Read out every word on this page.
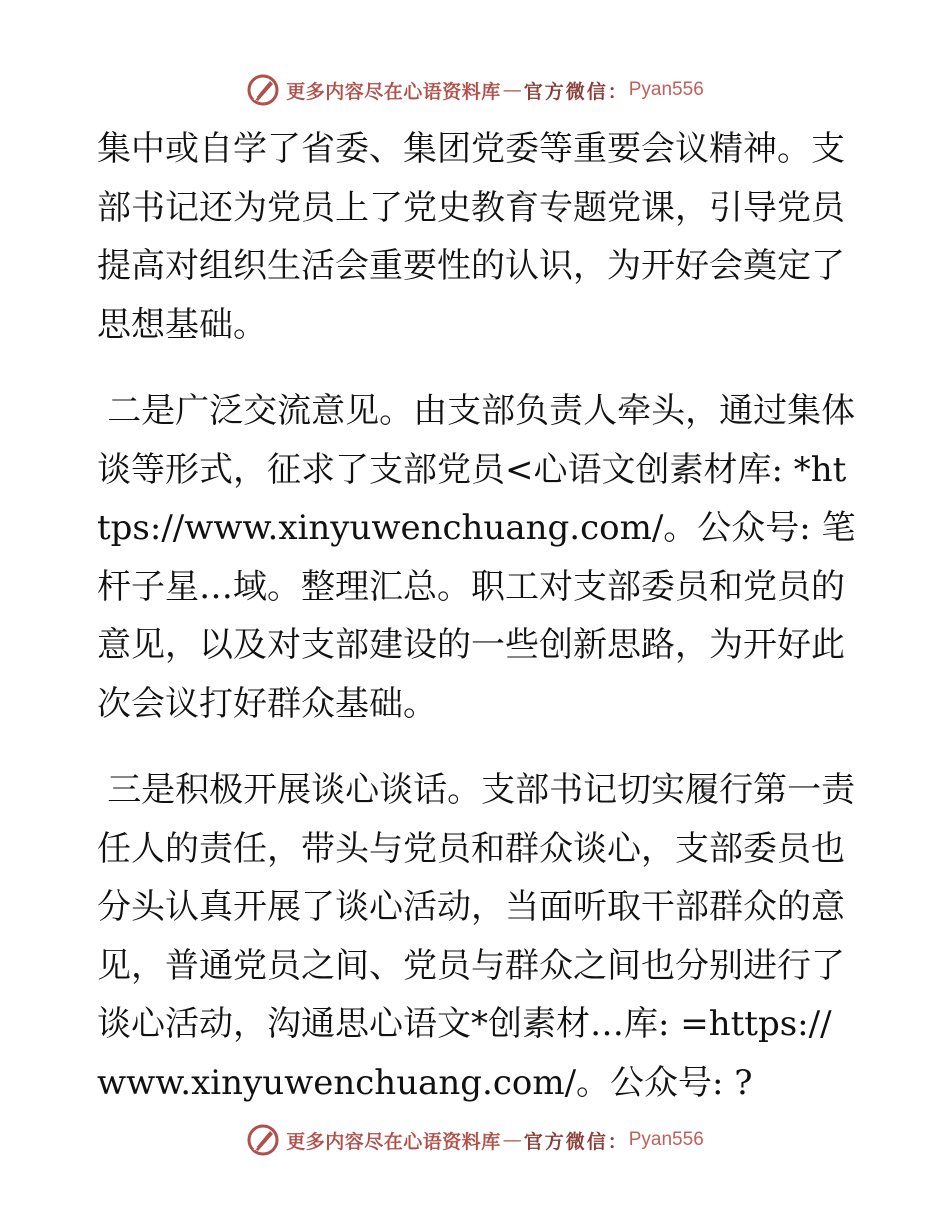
更多内容尽在心语资料库 — 官方微信： Pyan556

集中或自学了省委、集团党委等重要会议精神。支部书记还为党员上了党史教育专题党课，引导党员提高对组织生活会重要性的认识，为开好会奠定了思想基础。

二是广泛交流意见。由支部负责人牵头，通过集体谈等形式，征求了支部党员<心语文创素材库: *https://www.xinyuwenchuang.com/。公众号: 笔杆子星…域。整理汇总。职工对支部委员和党员的意见，以及对支部建设的一些创新思路，为开好此次会议打好群众基础。

三是积极开展谈心谈话。支部书记切实履行第一责任人的责任，带头与党员和群众谈心，支部委员也分头认真开展了谈心活动，当面听取干部群众的意见，普通党员之间、党员与群众之间也分别进行了谈心活动，沟通思心语文*创素材…库: =https://www.xinyuwenchuang.com/。公众号: ?

更多内容尽在心语资料库 — 官方微信： Pyan556
